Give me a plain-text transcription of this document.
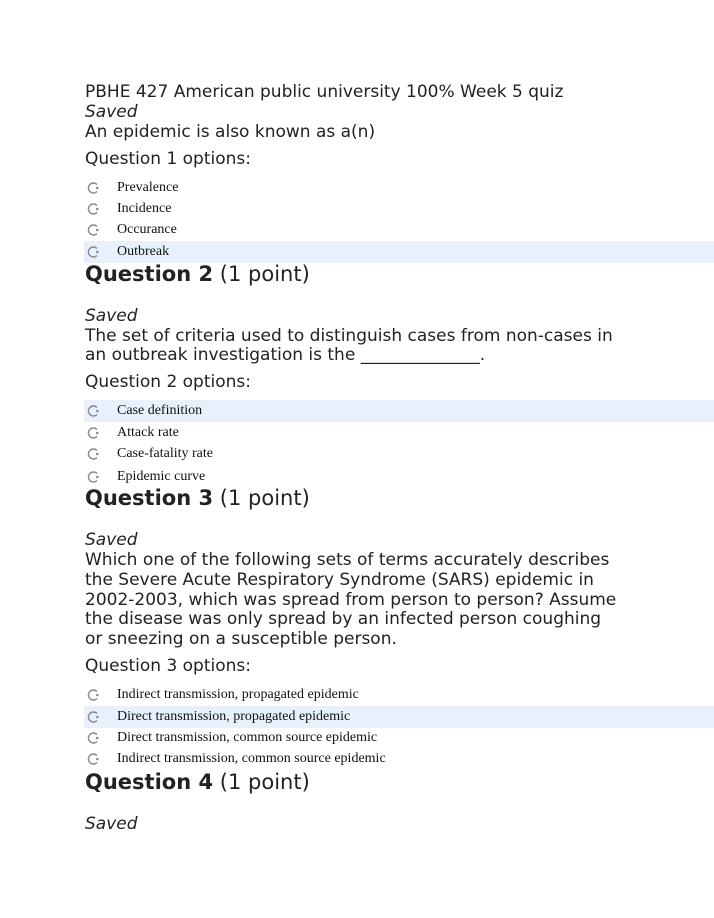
PBHE 427 American public university 100% Week 5 quiz
Saved
An epidemic is also known as a(n)
Question 1 options:
Prevalence
Incidence
Occurance
Outbreak
Question 2 (1 point)
Saved
The set of criteria used to distinguish cases from non-cases in
an outbreak investigation is the ______________.
Question 2 options:
Case definition
Attack rate
Case-fatality rate
Epidemic curve
Question 3 (1 point)
Saved
Which one of the following sets of terms accurately describes
the Severe Acute Respiratory Syndrome (SARS) epidemic in
2002-2003, which was spread from person to person? Assume
the disease was only spread by an infected person coughing
or sneezing on a susceptible person.
Question 3 options:
Indirect transmission, propagated epidemic
Direct transmission, propagated epidemic
Direct transmission, common source epidemic
Indirect transmission, common source epidemic
Question 4 (1 point)
Saved
